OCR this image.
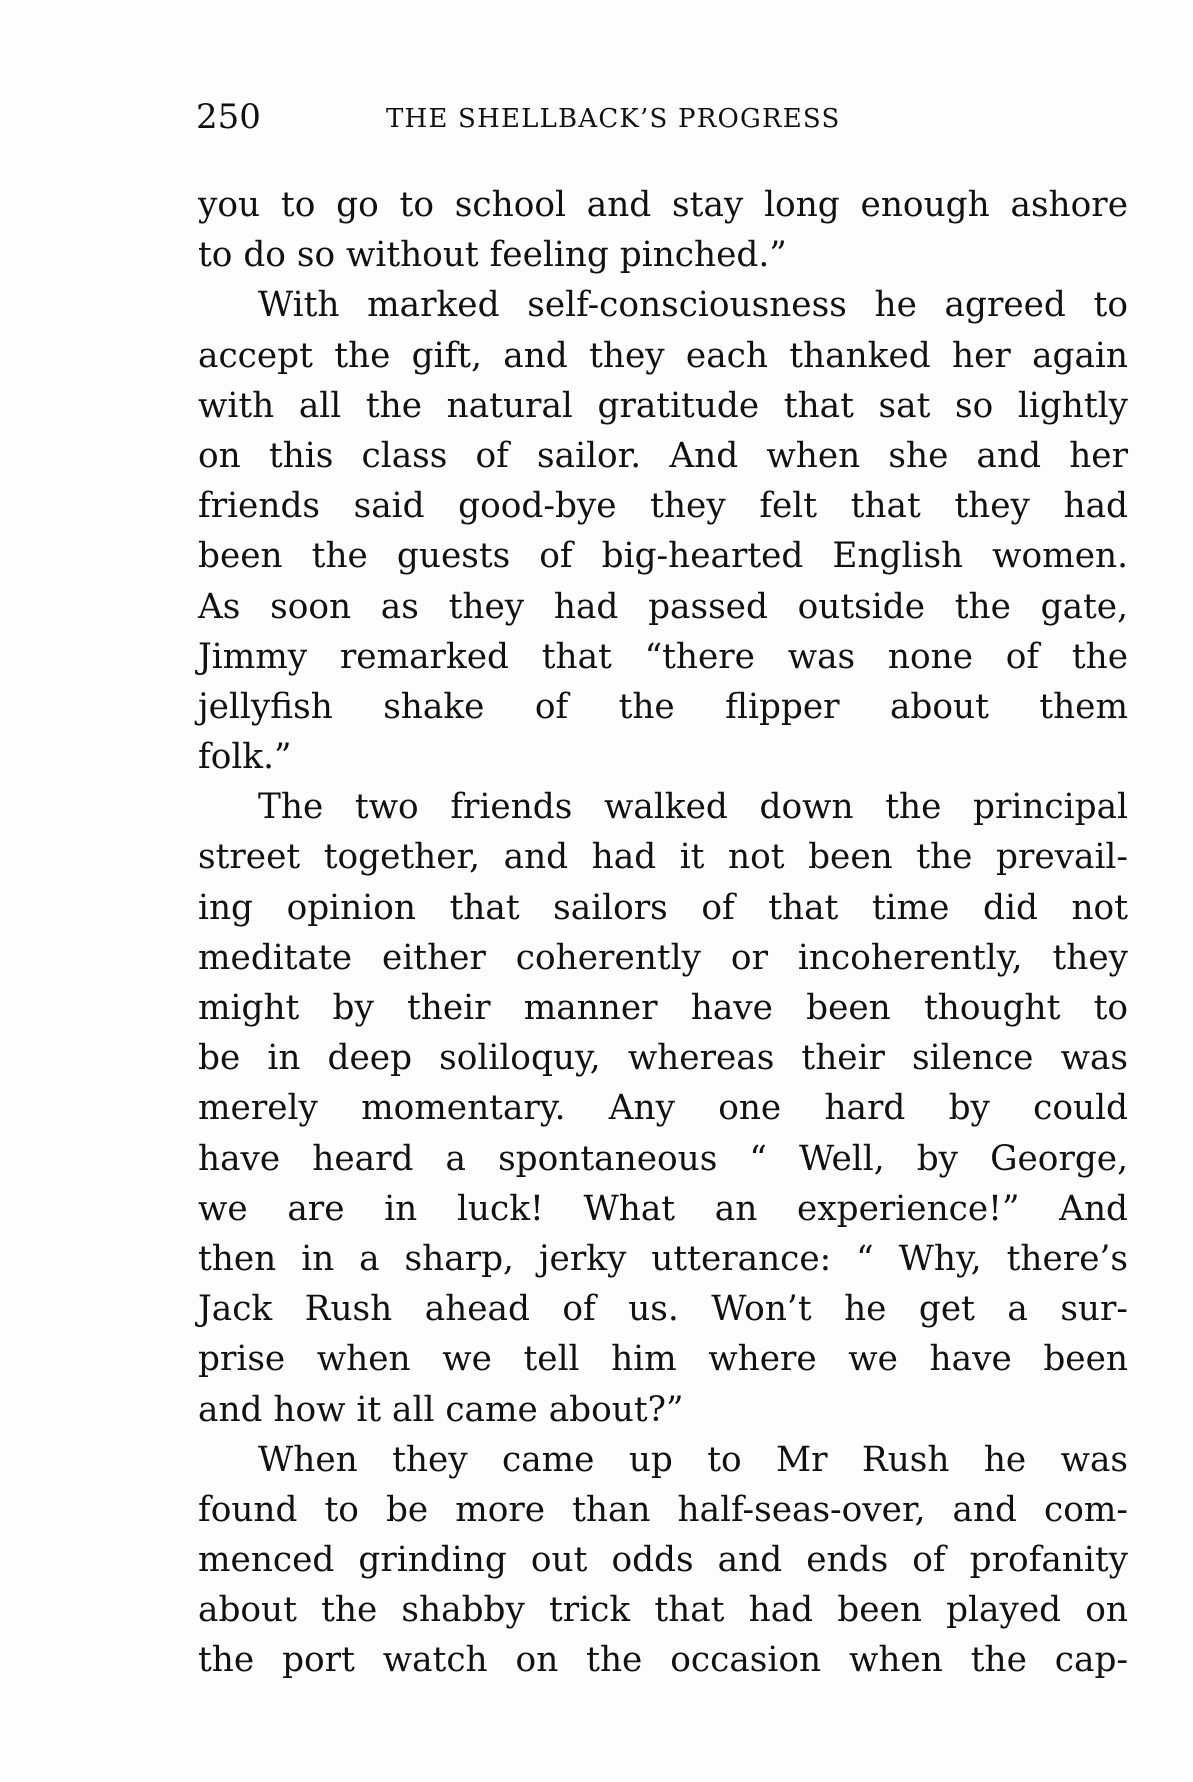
250	THE SHELLBACK’S PROGRESS
you to go to school and stay long enough ashore
to do so without feeling pinched.”
With marked self-consciousness he agreed to
accept the gift, and they each thanked her again
with all the natural gratitude that sat so lightly
on this class of sailor. And when she and her
friends said good-bye they felt that they had
been the guests of big-hearted English women.
As soon as they had passed outside the gate,
Jimmy remarked that “there was none of the
jellyfish shake of the flipper about them
folk.”
The two friends walked down the principal
street together, and had it not been the prevail-
ing opinion that sailors of that time did not
meditate either coherently or incoherently, they
might by their manner have been thought to
be in deep soliloquy, whereas their silence was
merely momentary. Any one hard by could
have heard a spontaneous “ Well, by George,
we are in luck! What an experience!” And
then in a sharp, jerky utterance: “ Why, there’s
Jack Rush ahead of us. Won’t he get a sur-
prise when we tell him where we have been
and how it all came about?”
When they came up to Mr Rush he was
found to be more than half-seas-over, and com-
menced grinding out odds and ends of profanity
about the shabby trick that had been played on
the port watch on the occasion when the cap-
